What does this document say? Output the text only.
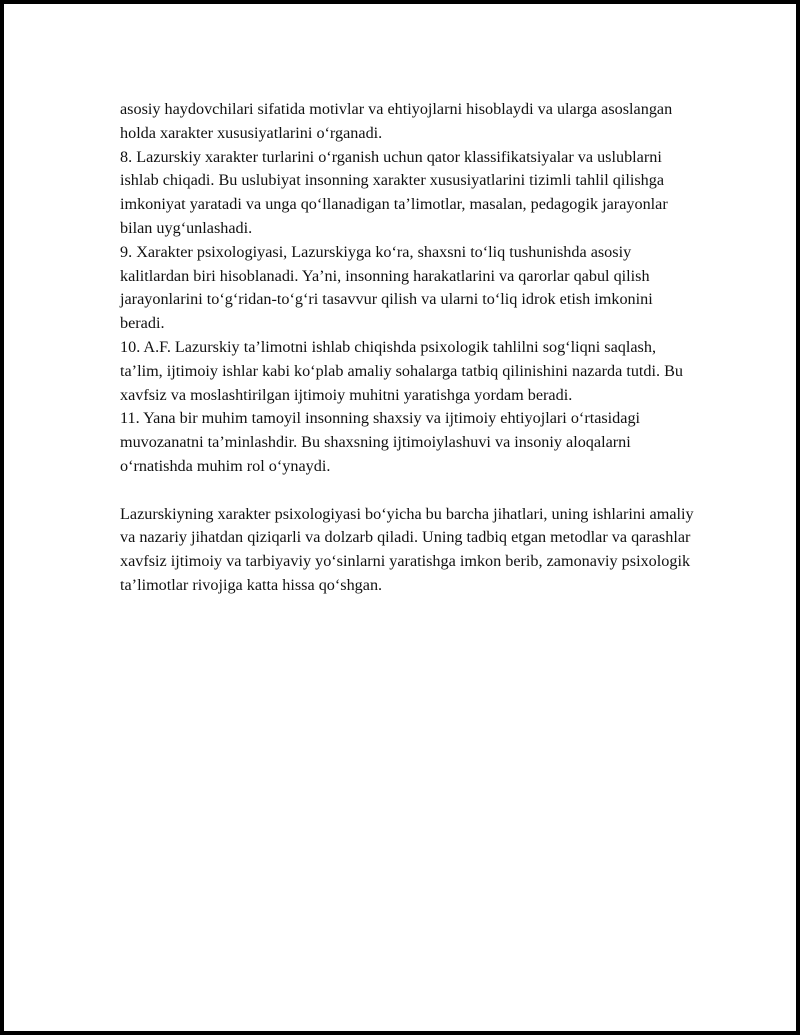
asosiy haydovchilari sifatida motivlar va ehtiyojlarni hisoblaydi va ularga asoslangan holda xarakter xususiyatlarini o‘rganadi.

8. Lazurskiy xarakter turlarini o‘rganish uchun qator klassifikatsiyalar va uslublarni ishlab chiqadi. Bu uslubiyat insonning xarakter xususiyatlarini tizimli tahlil qilishga imkoniyat yaratadi va unga qo‘llanadigan ta’limotlar, masalan, pedagogik jarayonlar bilan uyg‘unlashadi.

9. Xarakter psixologiyasi, Lazurskiyga ko‘ra, shaxsni to‘liq tushunishda asosiy kalitlardan biri hisoblanadi. Ya’ni, insonning harakatlarini va qarorlar qabul qilish jarayonlarini to‘g‘ridan-to‘g‘ri tasavvur qilish va ularni to‘liq idrok etish imkonini beradi.

10. A.F. Lazurskiy ta’limotni ishlab chiqishda psixologik tahlilni sog‘liqni saqlash, ta’lim, ijtimoiy ishlar kabi ko‘plab amaliy sohalarga tatbiq qilinishini nazarda tutdi. Bu xavfsiz va moslashtirilgan ijtimoiy muhitni yaratishga yordam beradi.

11. Yana bir muhim tamoyil insonning shaxsiy va ijtimoiy ehtiyojlari o‘rtasidagi muvozanatni ta’minlashdir. Bu shaxsning ijtimoiylashuvi va insoniy aloqalarni o‘rnatishda muhim rol o‘ynaydi.

Lazurskiyning xarakter psixologiyasi bo‘yicha bu barcha jihatlari, uning ishlarini amaliy va nazariy jihatdan qiziqarli va dolzarb qiladi. Uning tadbiq etgan metodlar va qarashlar xavfsiz ijtimoiy va tarbiyaviy yo‘sinlarni yaratishga imkon berib, zamonaviy psixologik ta’limotlar rivojiga katta hissa qo‘shgan.
